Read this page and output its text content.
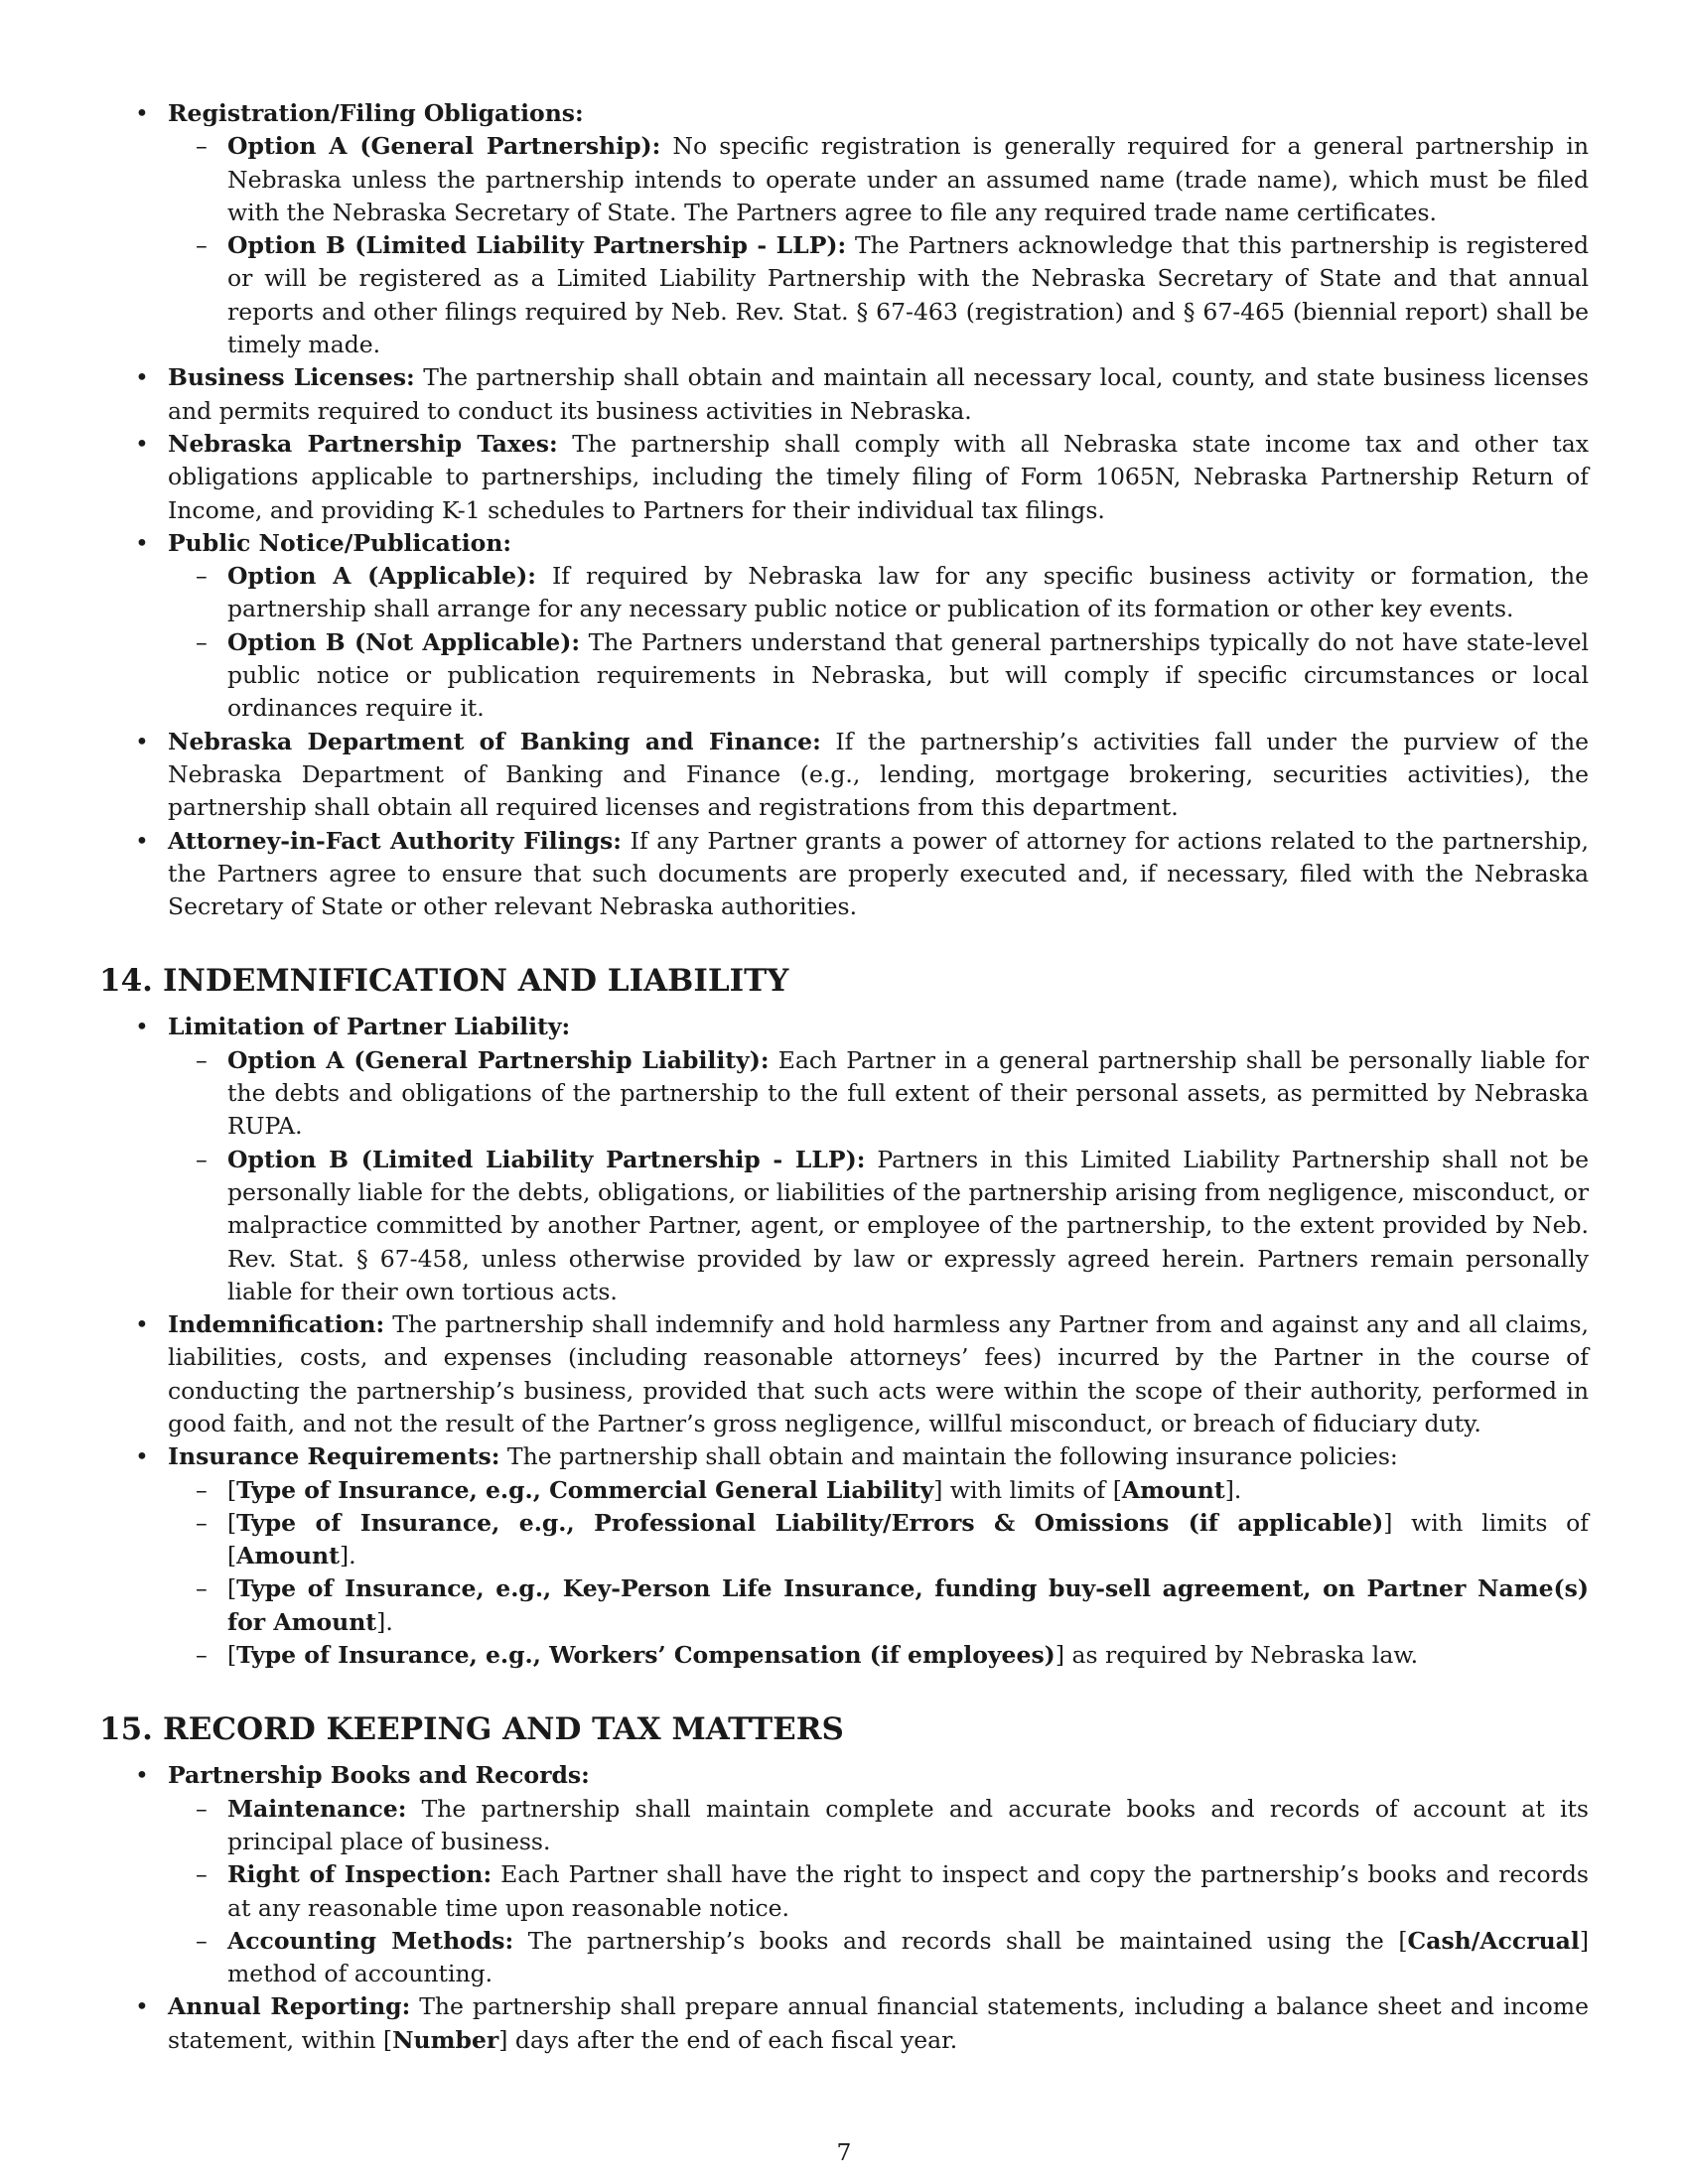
• Registration/Filing Obligations:
– Option A (General Partnership): No specific registration is generally required for a general partnership in Nebraska unless the partnership intends to operate under an assumed name (trade name), which must be filed with the Nebraska Secretary of State. The Partners agree to file any required trade name certificates.
– Option B (Limited Liability Partnership - LLP): The Partners acknowledge that this partnership is registered or will be registered as a Limited Liability Partnership with the Nebraska Secretary of State and that annual reports and other filings required by Neb. Rev. Stat. § 67-463 (registration) and § 67-465 (biennial report) shall be timely made.
• Business Licenses: The partnership shall obtain and maintain all necessary local, county, and state business licenses and permits required to conduct its business activities in Nebraska.
• Nebraska Partnership Taxes: The partnership shall comply with all Nebraska state income tax and other tax obligations applicable to partnerships, including the timely filing of Form 1065N, Nebraska Partnership Return of Income, and providing K-1 schedules to Partners for their individual tax filings.
• Public Notice/Publication:
– Option A (Applicable): If required by Nebraska law for any specific business activity or formation, the partnership shall arrange for any necessary public notice or publication of its formation or other key events.
– Option B (Not Applicable): The Partners understand that general partnerships typically do not have state-level public notice or publication requirements in Nebraska, but will comply if specific circumstances or local ordinances require it.
• Nebraska Department of Banking and Finance: If the partnership’s activities fall under the purview of the Nebraska Department of Banking and Finance (e.g., lending, mortgage brokering, securities activities), the partnership shall obtain all required licenses and registrations from this department.
• Attorney-in-Fact Authority Filings: If any Partner grants a power of attorney for actions related to the partnership, the Partners agree to ensure that such documents are properly executed and, if necessary, filed with the Nebraska Secretary of State or other relevant Nebraska authorities.
14. INDEMNIFICATION AND LIABILITY
• Limitation of Partner Liability:
– Option A (General Partnership Liability): Each Partner in a general partnership shall be personally liable for the debts and obligations of the partnership to the full extent of their personal assets, as permitted by Nebraska RUPA.
– Option B (Limited Liability Partnership - LLP): Partners in this Limited Liability Partnership shall not be personally liable for the debts, obligations, or liabilities of the partnership arising from negligence, misconduct, or malpractice committed by another Partner, agent, or employee of the partnership, to the extent provided by Neb. Rev. Stat. § 67-458, unless otherwise provided by law or expressly agreed herein. Partners remain personally liable for their own tortious acts.
• Indemnification: The partnership shall indemnify and hold harmless any Partner from and against any and all claims, liabilities, costs, and expenses (including reasonable attorneys’ fees) incurred by the Partner in the course of conducting the partnership’s business, provided that such acts were within the scope of their authority, performed in good faith, and not the result of the Partner’s gross negligence, willful misconduct, or breach of fiduciary duty.
• Insurance Requirements: The partnership shall obtain and maintain the following insurance policies:
– [Type of Insurance, e.g., Commercial General Liability] with limits of [Amount].
– [Type of Insurance, e.g., Professional Liability/Errors & Omissions (if applicable)] with limits of [Amount].
– [Type of Insurance, e.g., Key-Person Life Insurance, funding buy-sell agreement, on Partner Name(s) for Amount].
– [Type of Insurance, e.g., Workers’ Compensation (if employees)] as required by Nebraska law.
15. RECORD KEEPING AND TAX MATTERS
• Partnership Books and Records:
– Maintenance: The partnership shall maintain complete and accurate books and records of account at its principal place of business.
– Right of Inspection: Each Partner shall have the right to inspect and copy the partnership’s books and records at any reasonable time upon reasonable notice.
– Accounting Methods: The partnership’s books and records shall be maintained using the [Cash/Accrual] method of accounting.
• Annual Reporting: The partnership shall prepare annual financial statements, including a balance sheet and income statement, within [Number] days after the end of each fiscal year.
7
